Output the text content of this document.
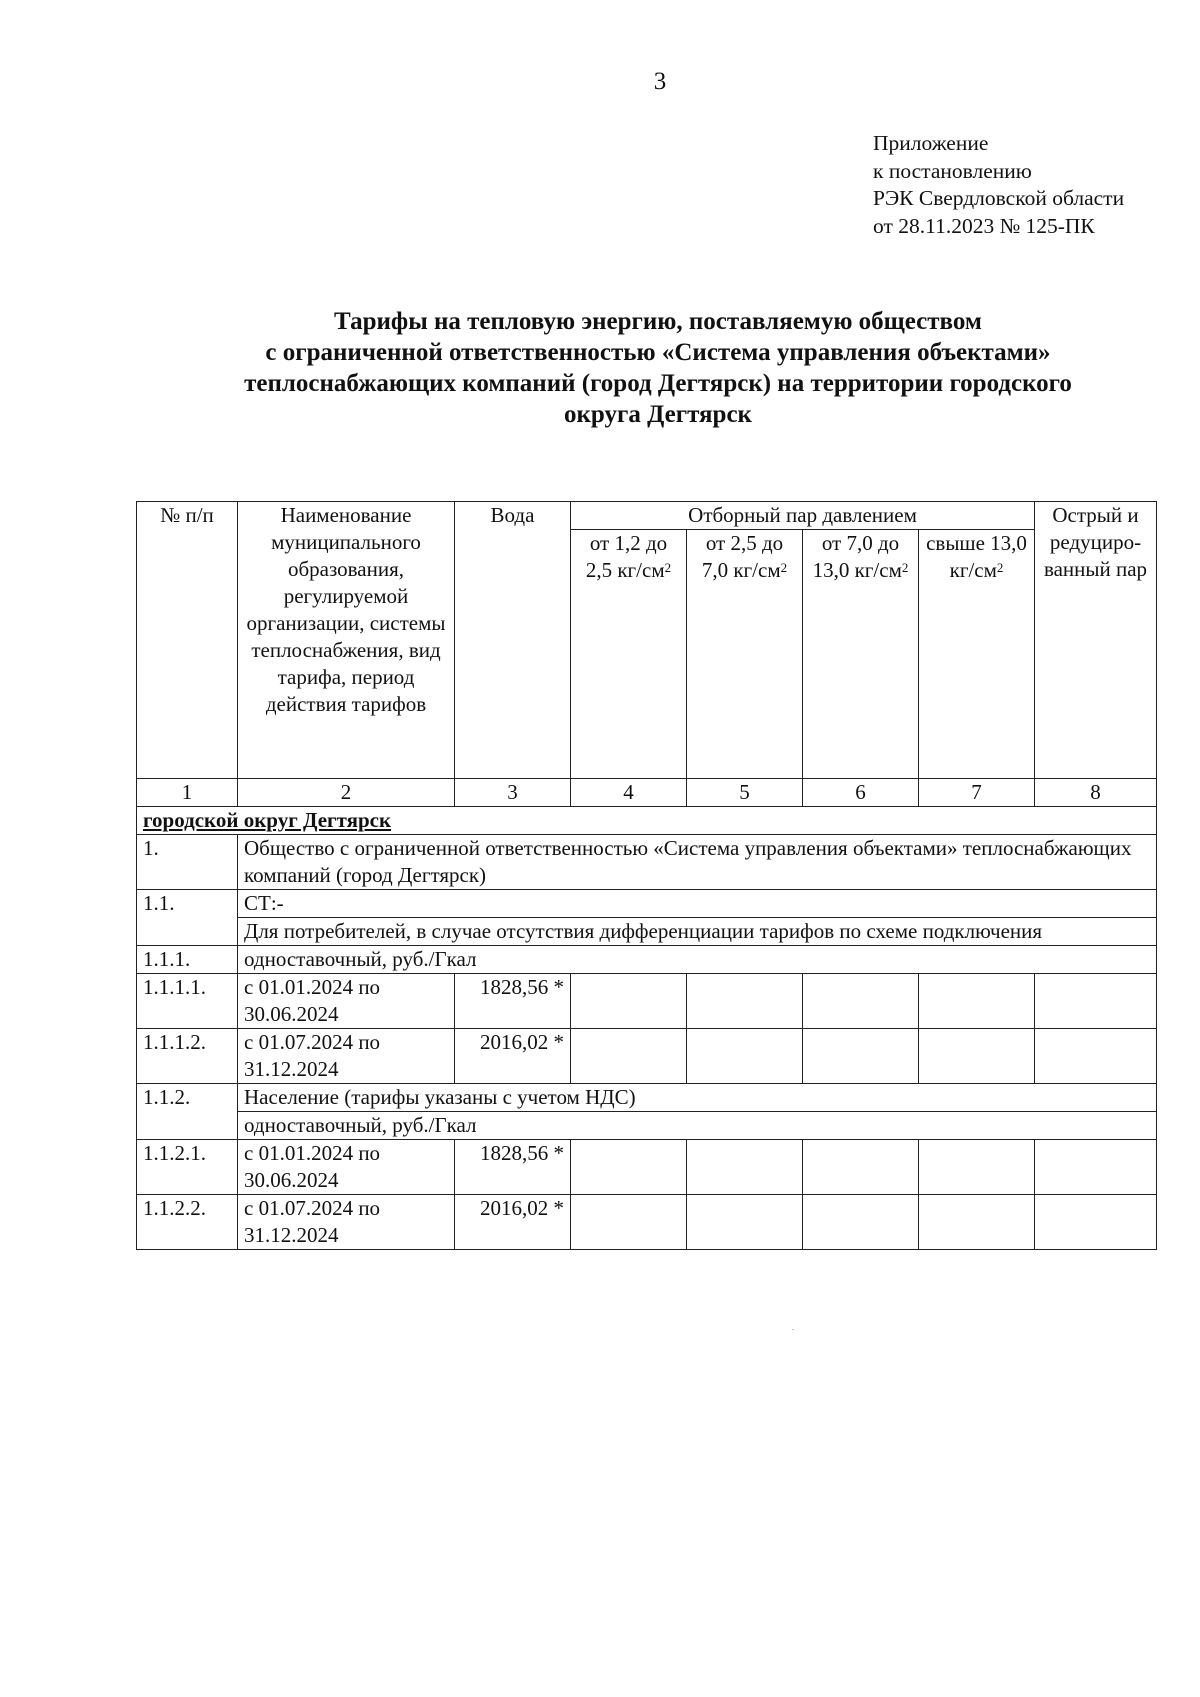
3
Приложение
к постановлению
РЭК Свердловской области
от 28.11.2023 № 125-ПК
Тарифы на тепловую энергию, поставляемую обществом
с ограниченной ответственностью «Система управления объектами»
теплоснабжающих компаний (город Дегтярск) на территории городского
округа Дегтярск
№ п/п	Наименование муниципального образования, регулируемой организации, системы теплоснабжения, вид тарифа, период действия тарифов	Вода	Отборный пар давлением				Острый и редуциро-ванный пар
			от 1,2 до 2,5 $кг/см^2$	от 2,5 до 7,0 $кг/см^2$	от 7,0 до 13,0 $кг/см^2$	свыше 13,0 $кг/см^2$
1	2	3	4	5	6	7	8
городской округ Дегтярск							
1.	Общество с ограниченной ответственностью «Система управления объектами» теплоснабжающих компаний (город Дегтярск)						
1.1.	СТ:-						
	Для потребителей, в случае отсутствия дифференциации тарифов по схеме подключения						
1.1.1.	одноставочный, руб./Гкал						
1.1.1.1.	с 01.01.2024 по 30.06.2024	1828,56 *					
1.1.1.2.	с 01.07.2024 по 31.12.2024	2016,02 *					
1.1.2.	Население (тарифы указаны с учетом НДС)						
	одноставочный, руб./Гкал						
1.1.2.1.	с 01.01.2024 по 30.06.2024	1828,56 *					
1.1.2.2.	с 01.07.2024 по 31.12.2024	2016,02 *					
